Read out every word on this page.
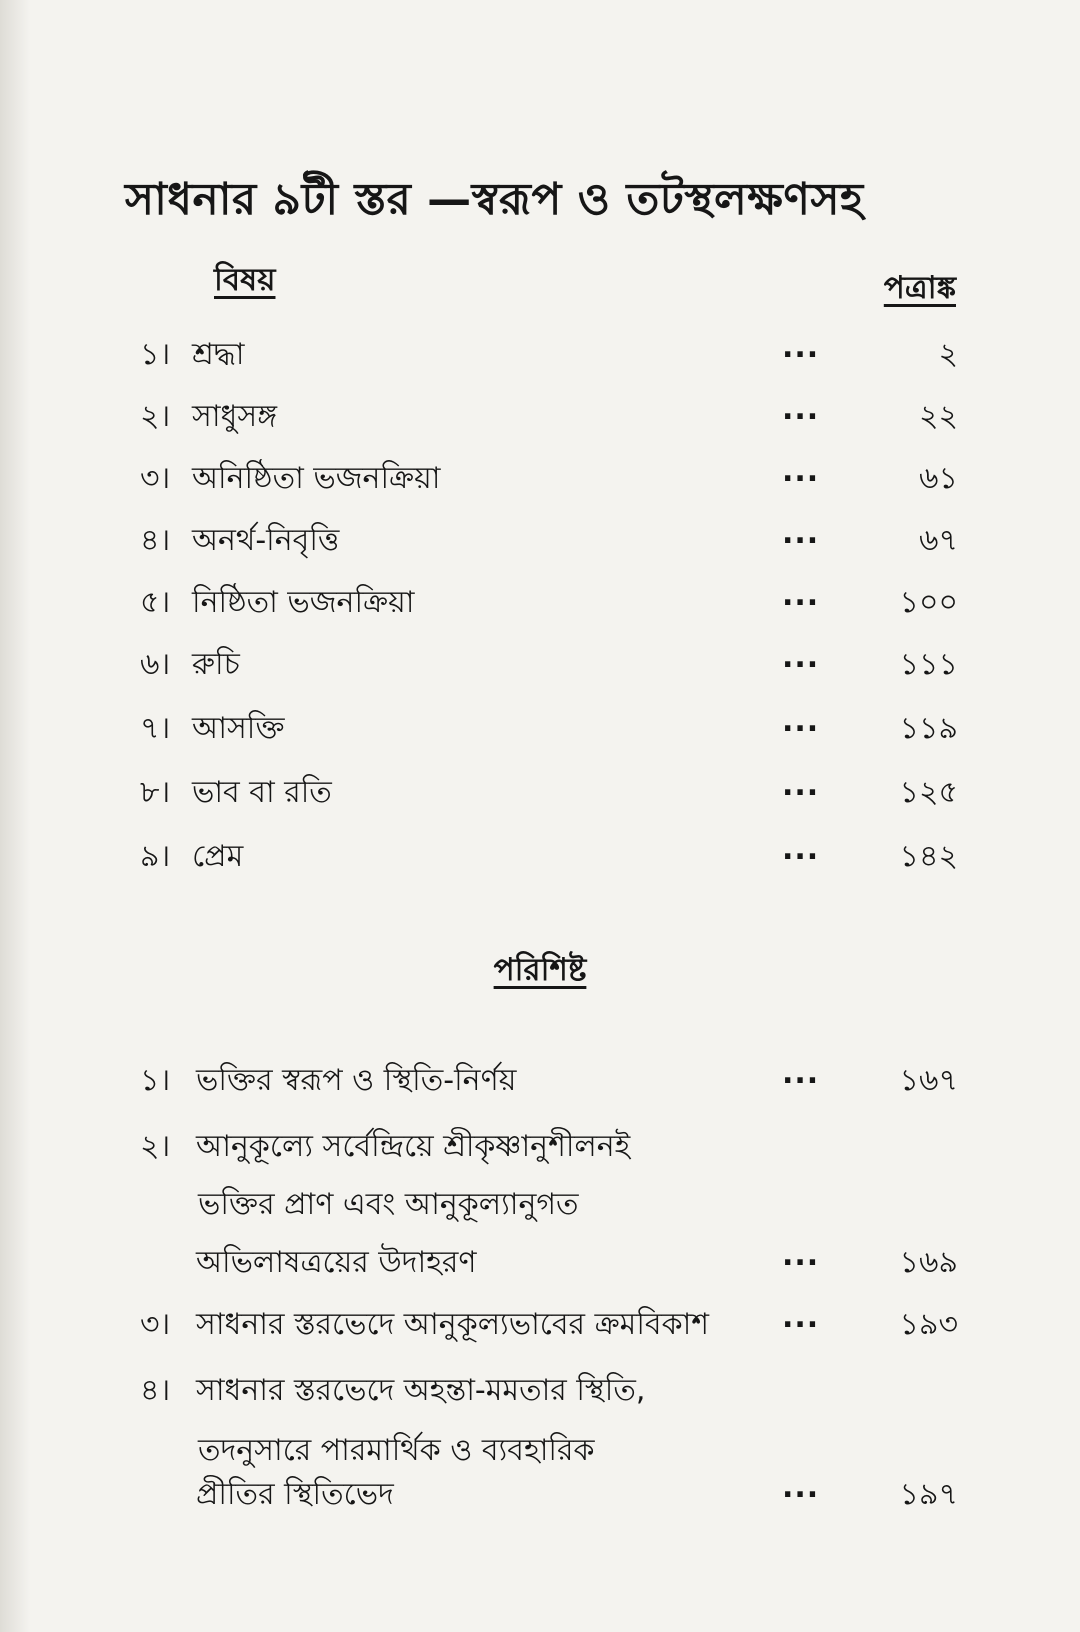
সাধনার ৯টী স্তর —স্বরূপ ও তটস্থলক্ষণসহ
বিষয়	পত্রাঙ্ক
১। শ্রদ্ধা	...	২
২। সাধুসঙ্গ	...	২২
৩। অনিষ্ঠিতা ভজনক্রিয়া	...	৬১
৪। অনর্থ-নিবৃত্তি	...	৬৭
৫। নিষ্ঠিতা ভজনক্রিয়া	...	১০০
৬। রুচি	...	১১১
৭। আসক্তি	...	১১৯
৮। ভাব বা রতি	...	১২৫
৯। প্রেম	...	১৪২
পরিশিষ্ট
১। ভক্তির স্বরূপ ও স্থিতি-নির্ণয়	...	১৬৭
২। আনুকূল্যে সর্বেন্দ্রিয়ে শ্রীকৃষ্ণানুশীলনই
ভক্তির প্রাণ এবং আনুকূল্যানুগত
অভিলাষত্রয়ের উদাহরণ	...	১৬৯
৩। সাধনার স্তরভেদে আনুকূল্যভাবের ক্রমবিকাশ ...	১৯৩
৪। সাধনার স্তরভেদে অহন্তা-মমতার স্থিতি,
তদনুসারে পারমার্থিক ও ব্যবহারিক
প্রীতির স্থিতিভেদ	...	১৯৭
